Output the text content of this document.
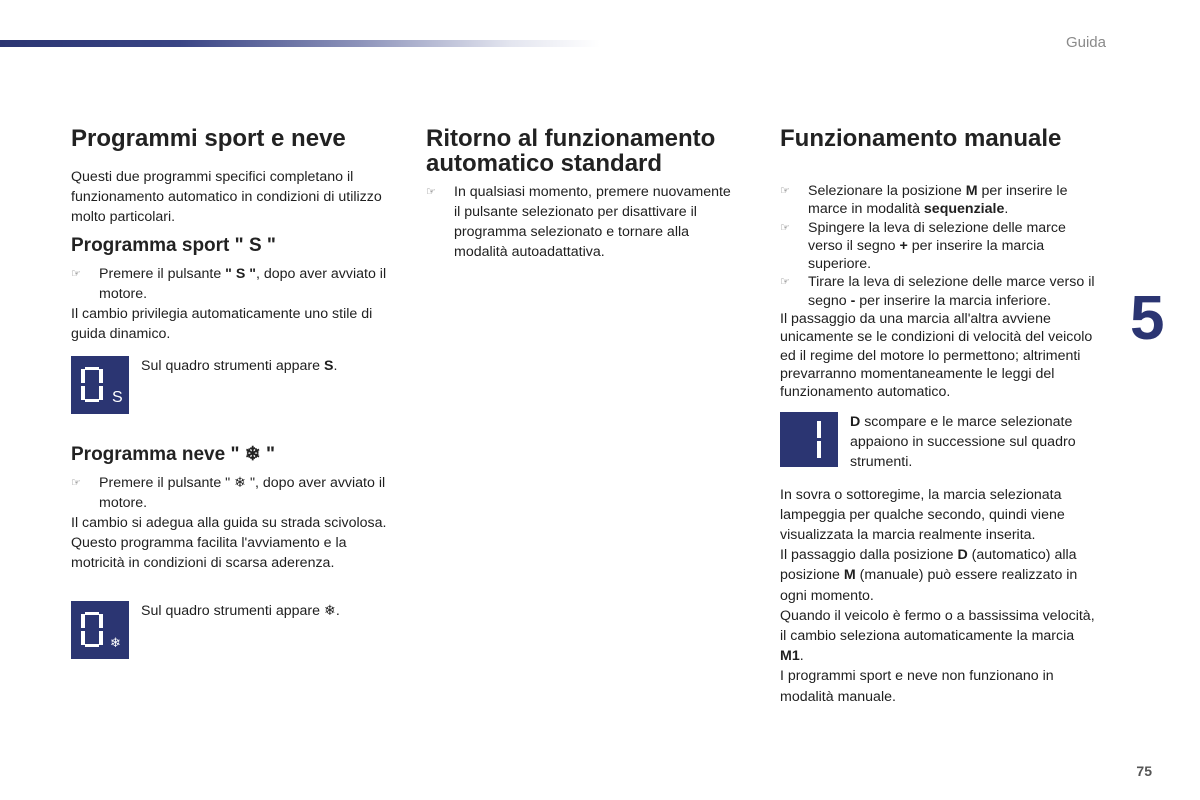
Guida
5
75
Programmi sport e neve

Questi due programmi specifici completano il funzionamento automatico in condizioni di utilizzo molto particolari.

Programma sport " S "
☞ Premere il pulsante " S ", dopo aver avviato il motore.

Il cambio privilegia automaticamente uno stile di guida dinamico.

S
Sul quadro strumenti appare S.
Programma neve " ❄ "
☞ Premere il pulsante " ❄ ", dopo aver avviato il motore.

Il cambio si adegua alla guida su strada scivolosa.

Questo programma facilita l'avviamento e la motricità in condizioni di scarsa aderenza.

❄
Sul quadro strumenti appare ❄.
Ritorno al funzionamento automatico standard
☞ In qualsiasi momento, premere nuovamente il pulsante selezionato per disattivare il programma selezionato e tornare alla modalità autoadattativa.
Funzionamento manuale
☞ Selezionare la posizione M per inserire le marce in modalità sequenziale.
☞ Spingere la leva di selezione delle marce verso il segno + per inserire la marcia superiore.
☞ Tirare la leva di selezione delle marce verso il segno - per inserire la marcia inferiore.

Il passaggio da una marcia all'altra avviene unicamente se le condizioni di velocità del veicolo ed il regime del motore lo permettono; altrimenti prevarranno momentaneamente le leggi del funzionamento automatico.

D scompare e le marce selezionate appaiono in successione sul quadro strumenti.

In sovra o sottoregime, la marcia selezionata lampeggia per qualche secondo, quindi viene visualizzata la marcia realmente inserita.

Il passaggio dalla posizione D (automatico) alla posizione M (manuale) può essere realizzato in ogni momento.

Quando il veicolo è fermo o a bassissima velocità, il cambio seleziona automaticamente la marcia M1.

I programmi sport e neve non funzionano in modalità manuale.
